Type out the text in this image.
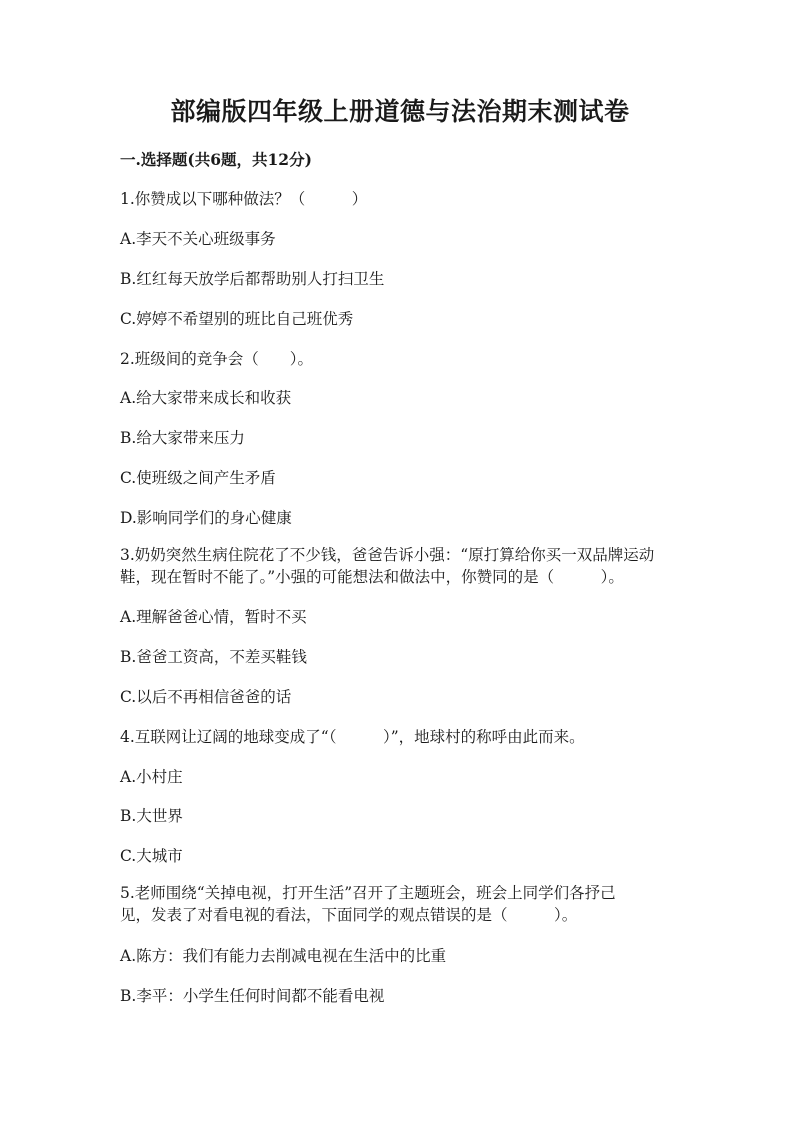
部编版四年级上册道德与法治期末测试卷
一.选择题(共6题，共12分)
1.你赞成以下哪种做法？（　　　）
A.李天不关心班级事务
B.红红每天放学后都帮助别人打扫卫生
C.婷婷不希望别的班比自己班优秀
2.班级间的竞争会（　　）。
A.给大家带来成长和收获
B.给大家带来压力
C.使班级之间产生矛盾
D.影响同学们的身心健康
3.奶奶突然生病住院花了不少钱，爸爸告诉小强：“原打算给你买一双品牌运动
鞋，现在暂时不能了。”小强的可能想法和做法中，你赞同的是（　　　）。
A.理解爸爸心情，暂时不买
B.爸爸工资高，不差买鞋钱
C.以后不再相信爸爸的话
4.互联网让辽阔的地球变成了“（　　　）”，地球村的称呼由此而来。
A.小村庄
B.大世界
C.大城市
5.老师围绕“关掉电视，打开生活”召开了主题班会，班会上同学们各抒己
见，发表了对看电视的看法，下面同学的观点错误的是（　　　）。
A.陈方：我们有能力去削减电视在生活中的比重
B.李平：小学生任何时间都不能看电视
